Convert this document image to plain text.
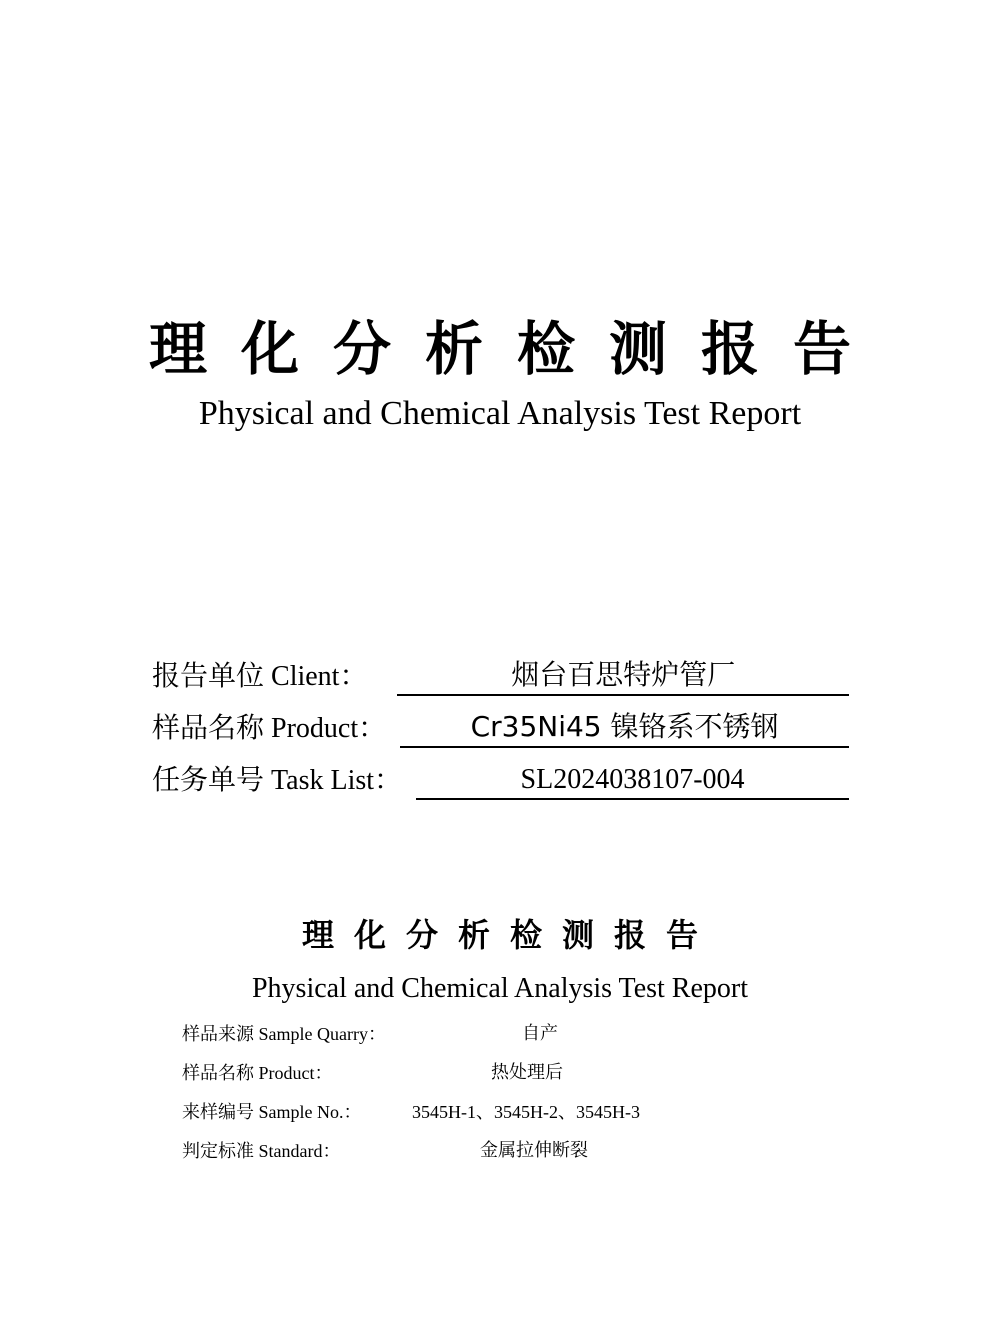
理化分析检测报告
Physical and Chemical Analysis Test Report
报告单位 Client：	烟台百思特炉管厂
样品名称 Product：	Cr35Ni45 镍铬系不锈钢
任务单号 Task List：	SL2024038107-004
理化分析检测报告
Physical and Chemical Analysis Test Report
样品来源 Sample Quarry：	自产
样品名称 Product：	热处理后
来样编号 Sample No.：	3545H-1、3545H-2、3545H-3
判定标准 Standard：	金属拉伸断裂
